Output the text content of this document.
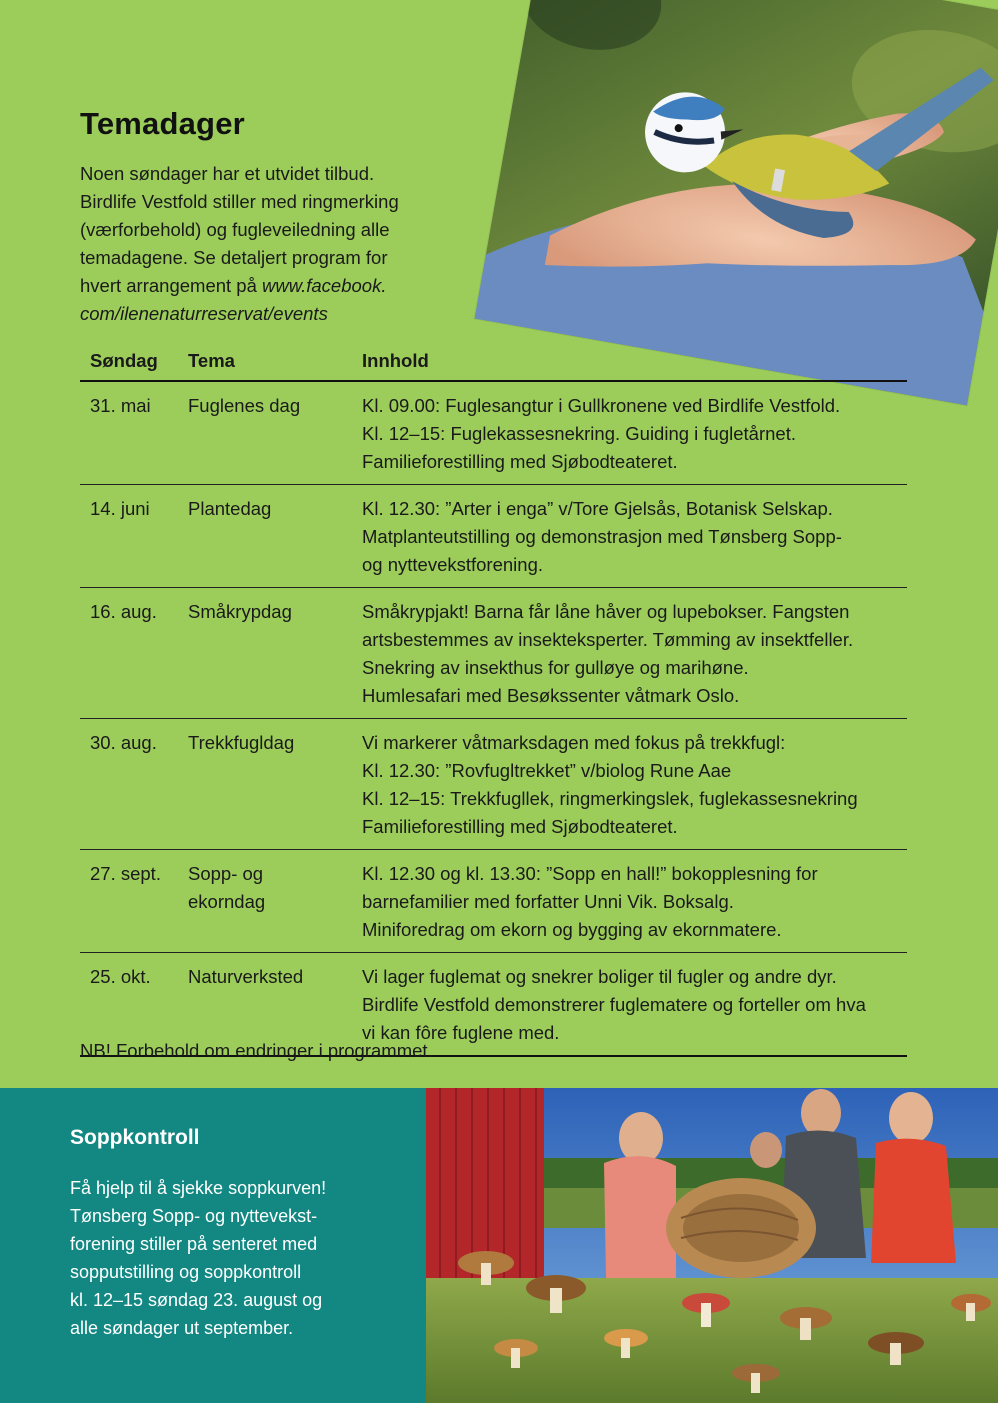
Temadager

Noen søndager har et utvidet tilbud.
Birdlife Vestfold stiller med ringmerking
(værforbehold) og fugleveiledning alle
temadagene. Se detaljert program for
hvert arrangement på www.facebook.
com/ilenenaturreservat/events

Søndag	Tema	Innhold
31. mai	Fuglenes dag	Kl. 09.00: Fuglesangtur i Gullkronene ved Birdlife Vestfold.
Kl. 12–15: Fuglekassesnekring. Guiding i fugletårnet.
Familieforestilling med Sjøbodteateret.

14. juni	Plantedag	Kl. 12.30: ”Arter i enga” v/Tore Gjelsås, Botanisk Selskap.
Matplanteutstilling og demonstrasjon med Tønsberg Sopp-
og nyttevekstforening.

16. aug.	Småkrypdag	Småkrypjakt! Barna får låne håver og lupebokser. Fangsten
artsbestemmes av insekteksperter. Tømming av insektfeller.
Snekring av insekthus for gulløye og marihøne.
Humlesafari med Besøkssenter våtmark Oslo.

30. aug.	Trekkfugldag	Vi markerer våtmarksdagen med fokus på trekkfugl:
Kl. 12.30: ”Rovfugltrekket” v/biolog Rune Aae
Kl. 12–15: Trekkfugllek, ringmerkingslek, fuglekassesnekring
Familieforestilling med Sjøbodteateret.

27. sept.	Sopp- og
ekorndag	Kl. 12.30 og kl. 13.30: ”Sopp en hall!” bokopplesning for
barnefamilier med forfatter Unni Vik. Boksalg.
Miniforedrag om ekorn og bygging av ekornmatere.

25. okt.	Naturverksted	Vi lager fuglemat og snekrer boliger til fugler og andre dyr.
Birdlife Vestfold demonstrerer fuglematere og forteller om hva
vi kan fôre fuglene med.

NB! Forbehold om endringer i programmet.

Soppkontroll

Få hjelp til å sjekke soppkurven!
Tønsberg Sopp- og nyttevekst-
forening stiller på senteret med
sopputstilling og soppkontroll
kl. 12–15 søndag 23. august og
alle søndager ut september.
